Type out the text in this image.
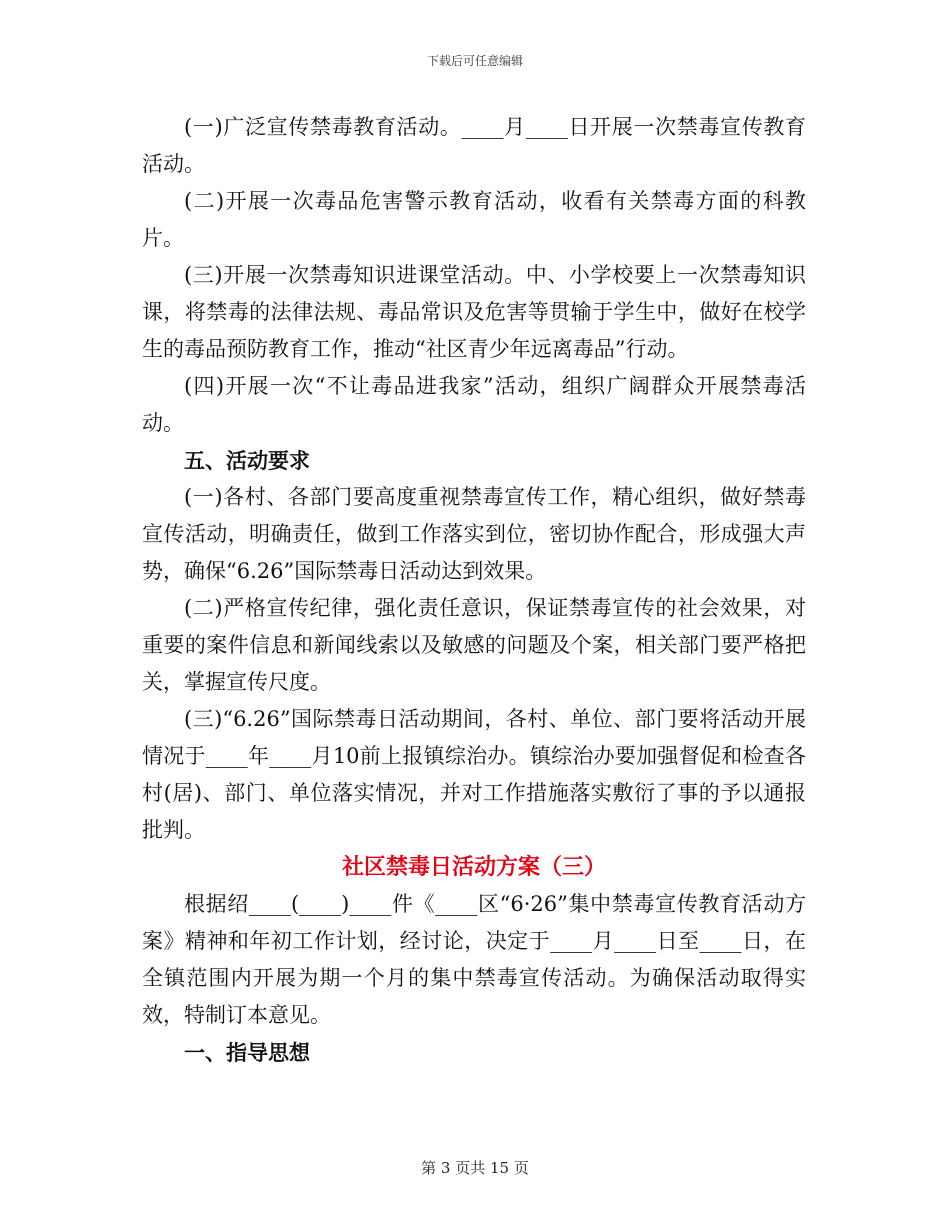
下载后可任意编辑

(一)广泛宣传禁毒教育活动。____月____日开展一次禁毒宣传教育活动。

(二)开展一次毒品危害警示教育活动，收看有关禁毒方面的科教片。

(三)开展一次禁毒知识进课堂活动。中、小学校要上一次禁毒知识课，将禁毒的法律法规、毒品常识及危害等贯输于学生中，做好在校学生的毒品预防教育工作，推动“社区青少年远离毒品”行动。

(四)开展一次“不让毒品进我家”活动，组织广阔群众开展禁毒活动。

五、活动要求

(一)各村、各部门要高度重视禁毒宣传工作，精心组织，做好禁毒宣传活动，明确责任，做到工作落实到位，密切协作配合，形成强大声势，确保“6.26”国际禁毒日活动达到效果。

(二)严格宣传纪律，强化责任意识，保证禁毒宣传的社会效果，对重要的案件信息和新闻线索以及敏感的问题及个案，相关部门要严格把关，掌握宣传尺度。

(三)“6.26”国际禁毒日活动期间，各村、单位、部门要将活动开展情况于____年____月10前上报镇综治办。镇综治办要加强督促和检查各村(居)、部门、单位落实情况，并对工作措施落实敷衍了事的予以通报批判。

社区禁毒日活动方案（三）

根据绍____(____)____件《____区“6·26”集中禁毒宣传教育活动方案》精神和年初工作计划，经讨论，决定于____月____日至____日，在全镇范围内开展为期一个月的集中禁毒宣传活动。为确保活动取得实效，特制订本意见。

一、指导思想

第 3 页共 15 页
